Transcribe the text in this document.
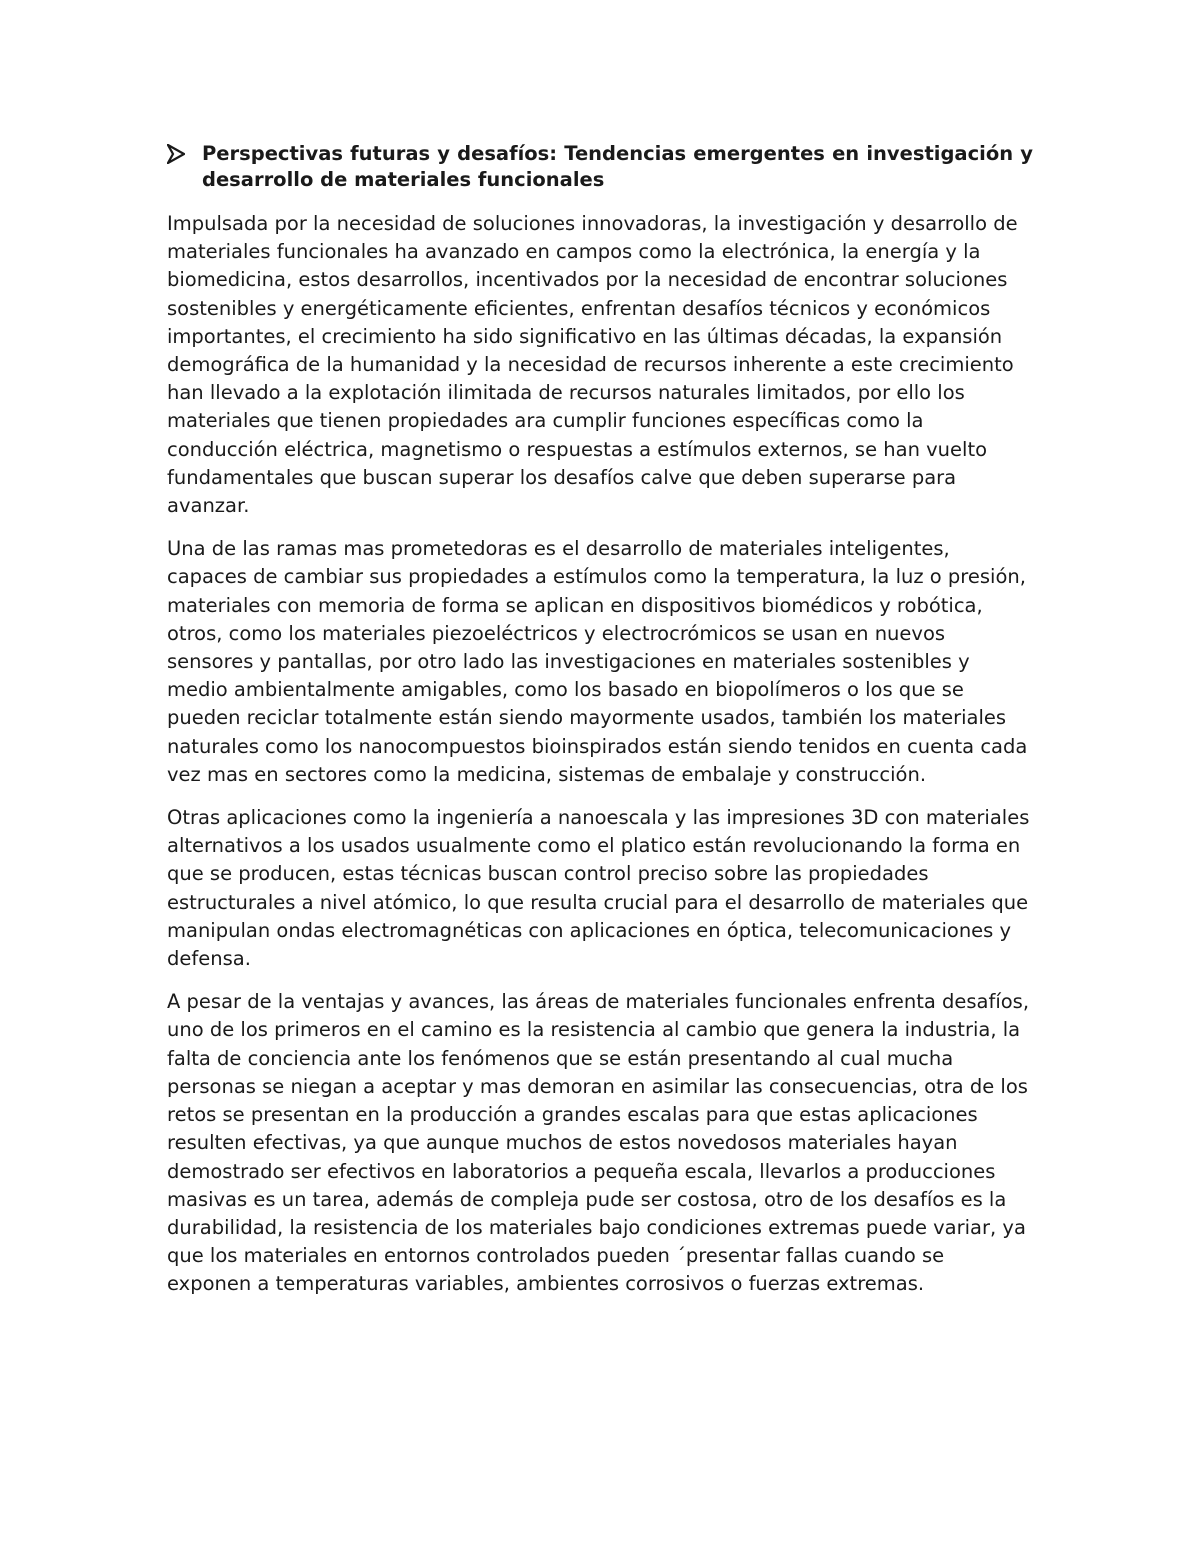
Perspectivas futuras y desafíos: Tendencias emergentes en investigación y desarrollo de materiales funcionales

Impulsada por la necesidad de soluciones innovadoras, la investigación y desarrollo de materiales funcionales ha avanzado en campos como la electrónica, la energía y la biomedicina, estos desarrollos, incentivados por la necesidad de encontrar soluciones sostenibles y energéticamente eficientes, enfrentan desafíos técnicos y económicos importantes, el crecimiento ha sido significativo en las últimas décadas, la expansión demográfica de la humanidad y la necesidad de recursos inherente a este crecimiento han llevado a la explotación ilimitada de recursos naturales limitados, por ello los materiales que tienen propiedades ara cumplir funciones específicas como la conducción eléctrica, magnetismo o respuestas a estímulos externos, se han vuelto fundamentales que buscan superar los desafíos calve que deben superarse para avanzar.

Una de las ramas mas prometedoras es el desarrollo de materiales inteligentes, capaces de cambiar sus propiedades a estímulos como la temperatura, la luz o presión, materiales con memoria de forma se aplican en dispositivos biomédicos y robótica, otros, como los materiales piezoeléctricos y electrocrómicos se usan en nuevos sensores y pantallas, por otro lado las investigaciones en materiales sostenibles y medio ambientalmente amigables, como los basado en biopolímeros o los que se pueden reciclar totalmente están siendo mayormente usados, también los materiales naturales como los nanocompuestos bioinspirados están siendo tenidos en cuenta cada vez mas en sectores como la medicina, sistemas de embalaje y construcción.

Otras aplicaciones como la ingeniería a nanoescala y las impresiones 3D con materiales alternativos a los usados usualmente como el platico están revolucionando la forma en que se producen, estas técnicas buscan control preciso sobre las propiedades estructurales a nivel atómico, lo que resulta crucial para el desarrollo de materiales que manipulan ondas electromagnéticas con aplicaciones en óptica, telecomunicaciones y defensa.

A pesar de la ventajas y avances, las áreas de materiales funcionales enfrenta desafíos, uno de los primeros en el camino es la resistencia al cambio que genera la industria, la falta de conciencia ante los fenómenos que se están presentando al cual mucha personas se niegan a aceptar y mas demoran en asimilar las consecuencias, otra de los retos se presentan en la producción a grandes escalas para que estas aplicaciones resulten efectivas, ya que aunque muchos de estos novedosos materiales hayan demostrado ser efectivos en laboratorios a pequeña escala, llevarlos a producciones masivas es un tarea, además de compleja pude ser costosa, otro de los desafíos es la durabilidad, la resistencia de los materiales bajo condiciones extremas puede variar, ya que los materiales en entornos controlados pueden ´presentar fallas cuando se exponen a temperaturas variables, ambientes corrosivos o fuerzas extremas.
